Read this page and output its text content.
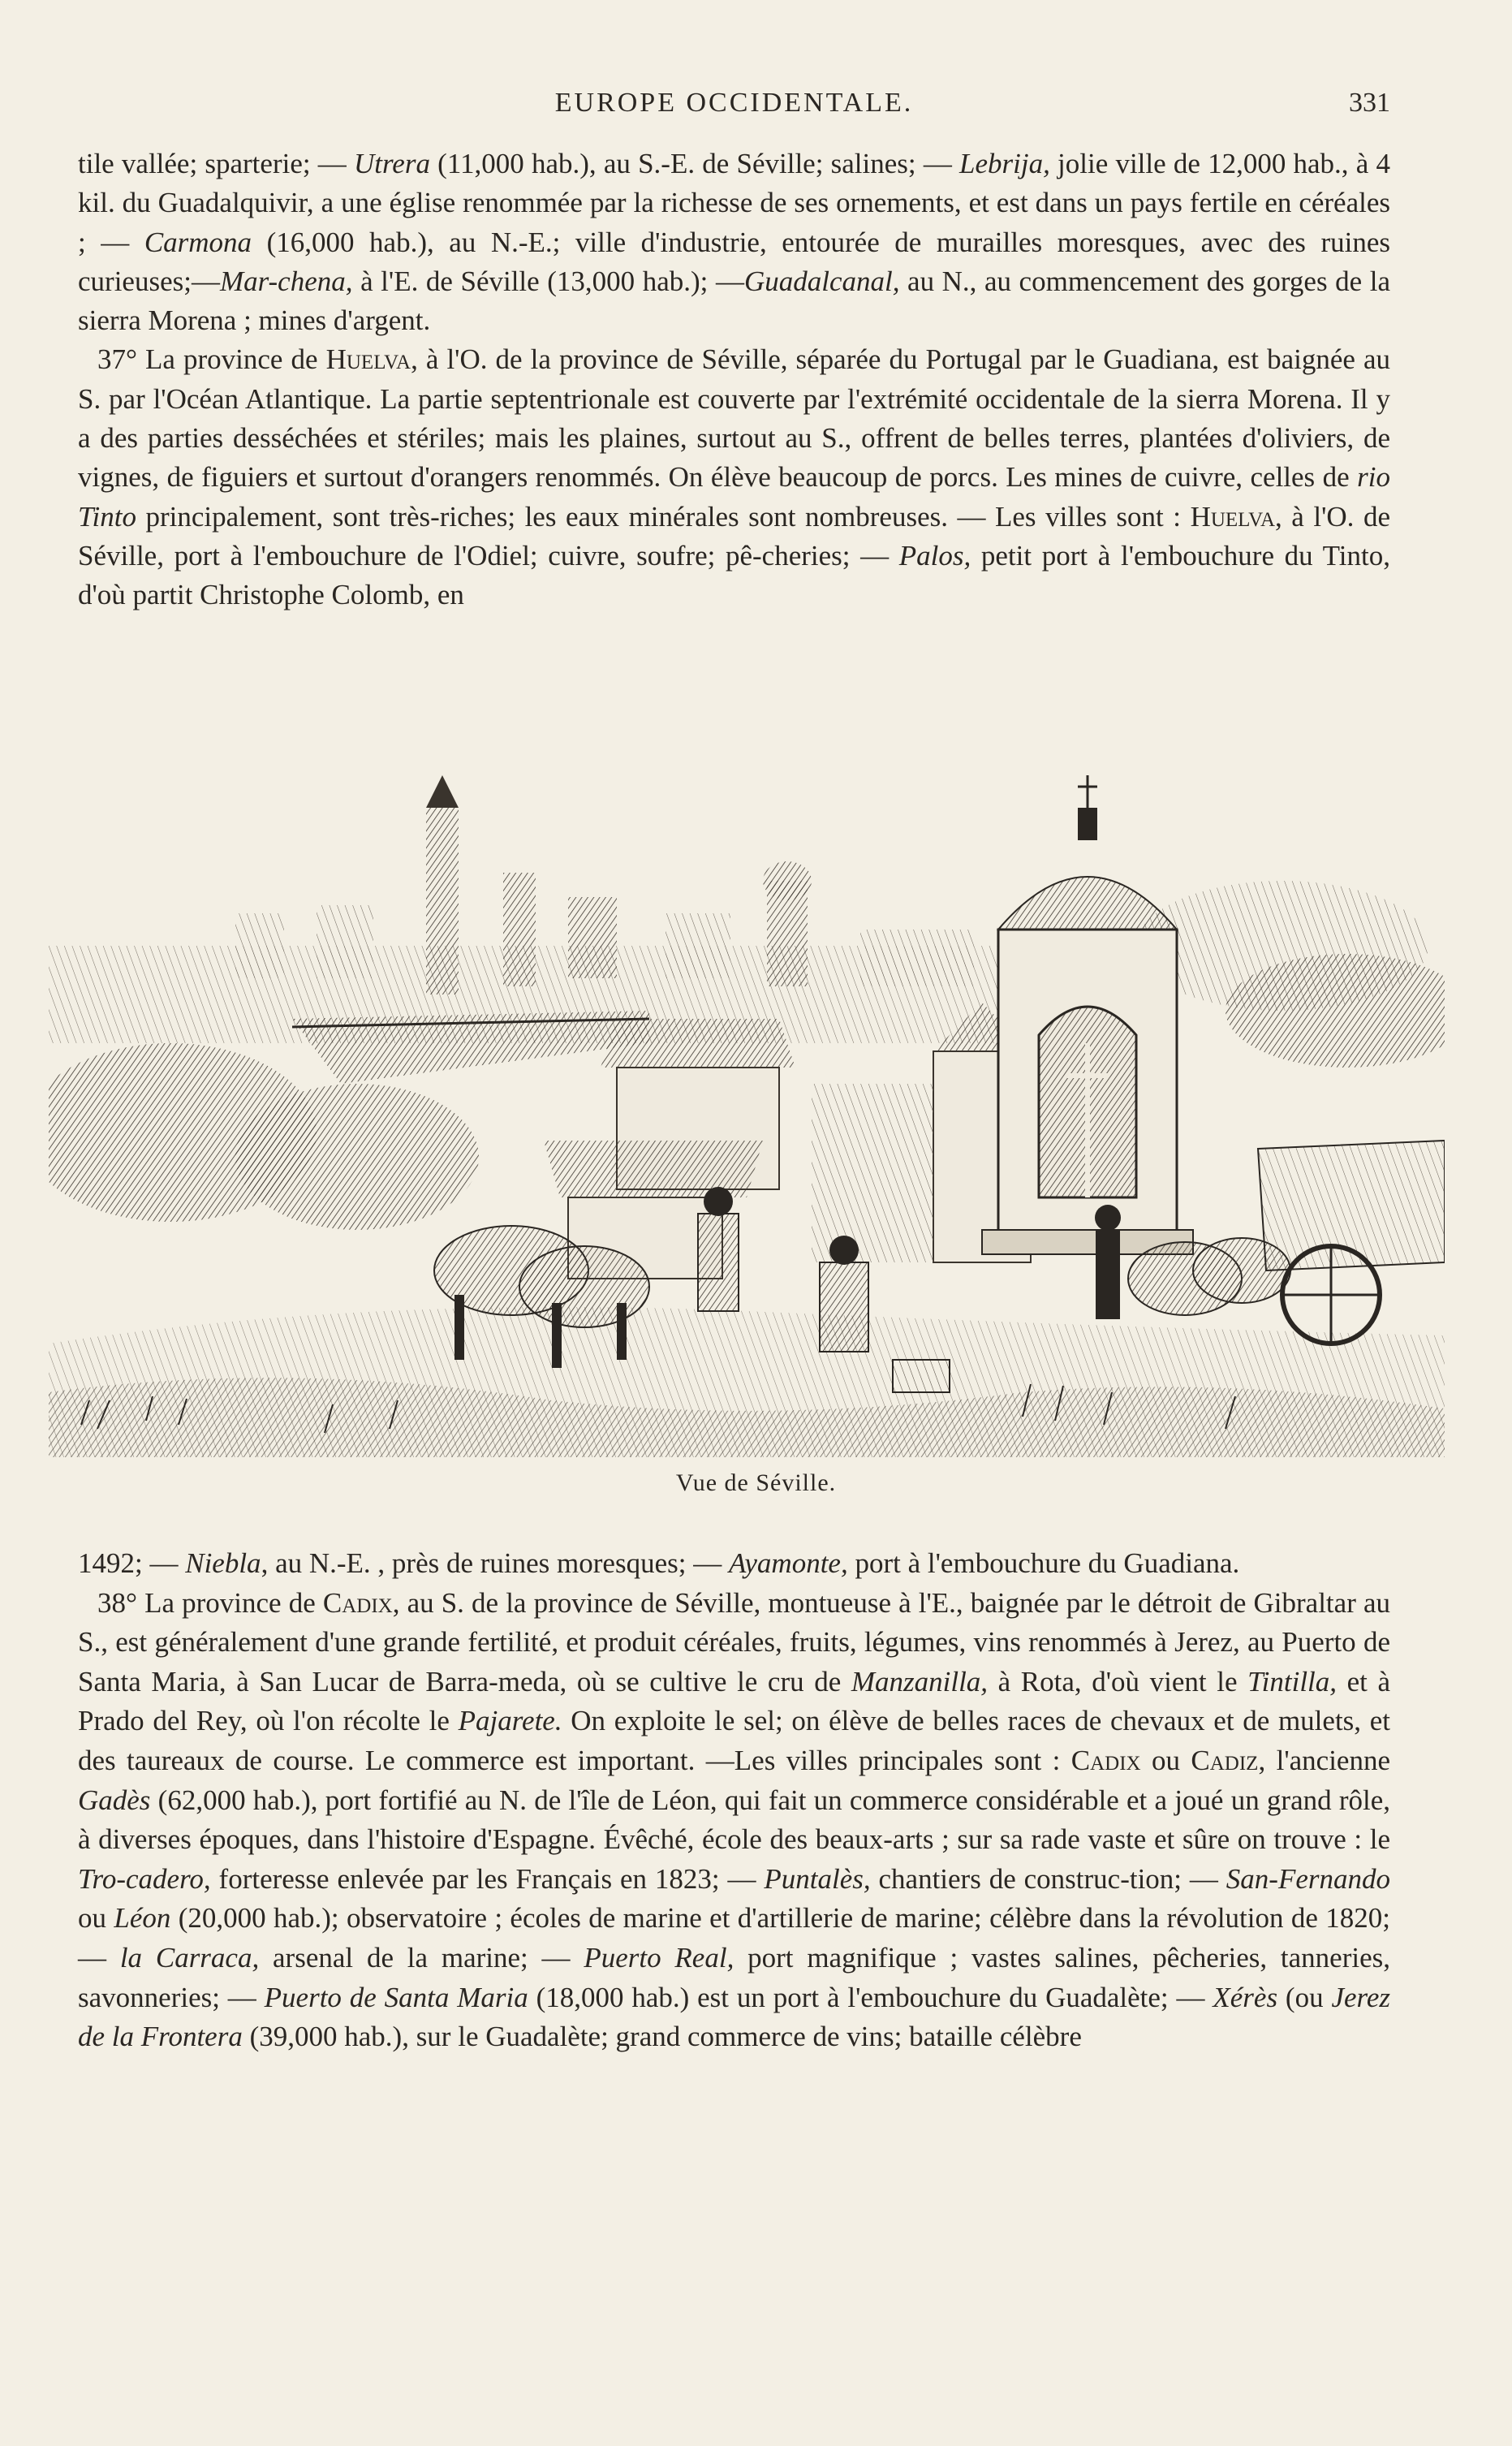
EUROPE OCCIDENTALE.	331

tile vallée; sparterie; — Utrera (11,000 hab.), au S.-E. de Séville; salines; — Lebrija, jolie ville de 12,000 hab., à 4 kil. du Guadalquivir, a une église renommée par la richesse de ses ornements, et est dans un pays fertile en céréales ; — Carmona (16,000 hab.), au N.-E.; ville d'industrie, entourée de murailles moresques, avec des ruines curieuses;—Mar-chena, à l'E. de Séville (13,000 hab.); —Guadalcanal, au N., au commencement des gorges de la sierra Morena ; mines d'argent.

37° La province de Huelva, à l'O. de la province de Séville, séparée du Portugal par le Guadiana, est baignée au S. par l'Océan Atlantique. La partie septentrionale est couverte par l'extrémité occidentale de la sierra Morena. Il y a des parties desséchées et stériles; mais les plaines, surtout au S., offrent de belles terres, plantées d'oliviers, de vignes, de figuiers et surtout d'orangers renommés. On élève beaucoup de porcs. Les mines de cuivre, celles de rio Tinto principalement, sont très-riches; les eaux minérales sont nombreuses. — Les villes sont : Huelva, à l'O. de Séville, port à l'embouchure de l'Odiel; cuivre, soufre; pê-cheries; — Palos, petit port à l'embouchure du Tinto, d'où partit Christophe Colomb, en

Vue de Séville.

1492; — Niebla, au N.-E. , près de ruines moresques; — Ayamonte, port à l'embouchure du Guadiana.

38° La province de Cadix, au S. de la province de Séville, montueuse à l'E., baignée par le détroit de Gibraltar au S., est généralement d'une grande fertilité, et produit céréales, fruits, légumes, vins renommés à Jerez, au Puerto de Santa Maria, à San Lucar de Barra-meda, où se cultive le cru de Manzanilla, à Rota, d'où vient le Tintilla, et à Prado del Rey, où l'on récolte le Pajarete. On exploite le sel; on élève de belles races de chevaux et de mulets, et des taureaux de course. Le commerce est important. —Les villes principales sont : Cadix ou Cadiz, l'ancienne Gadès (62,000 hab.), port fortifié au N. de l'île de Léon, qui fait un commerce considérable et a joué un grand rôle, à diverses époques, dans l'histoire d'Espagne. Évêché, école des beaux-arts ; sur sa rade vaste et sûre on trouve : le Tro-cadero, forteresse enlevée par les Français en 1823; — Puntalès, chantiers de construc-tion; — San-Fernando ou Léon (20,000 hab.); observatoire ; écoles de marine et d'artillerie de marine; célèbre dans la révolution de 1820; — la Carraca, arsenal de la marine; — Puerto Real, port magnifique ; vastes salines, pêcheries, tanneries, savonneries; — Puerto de Santa Maria (18,000 hab.) est un port à l'embouchure du Guadalète; — Xérès (ou Jerez de la Frontera (39,000 hab.), sur le Guadalète; grand commerce de vins; bataille célèbre
